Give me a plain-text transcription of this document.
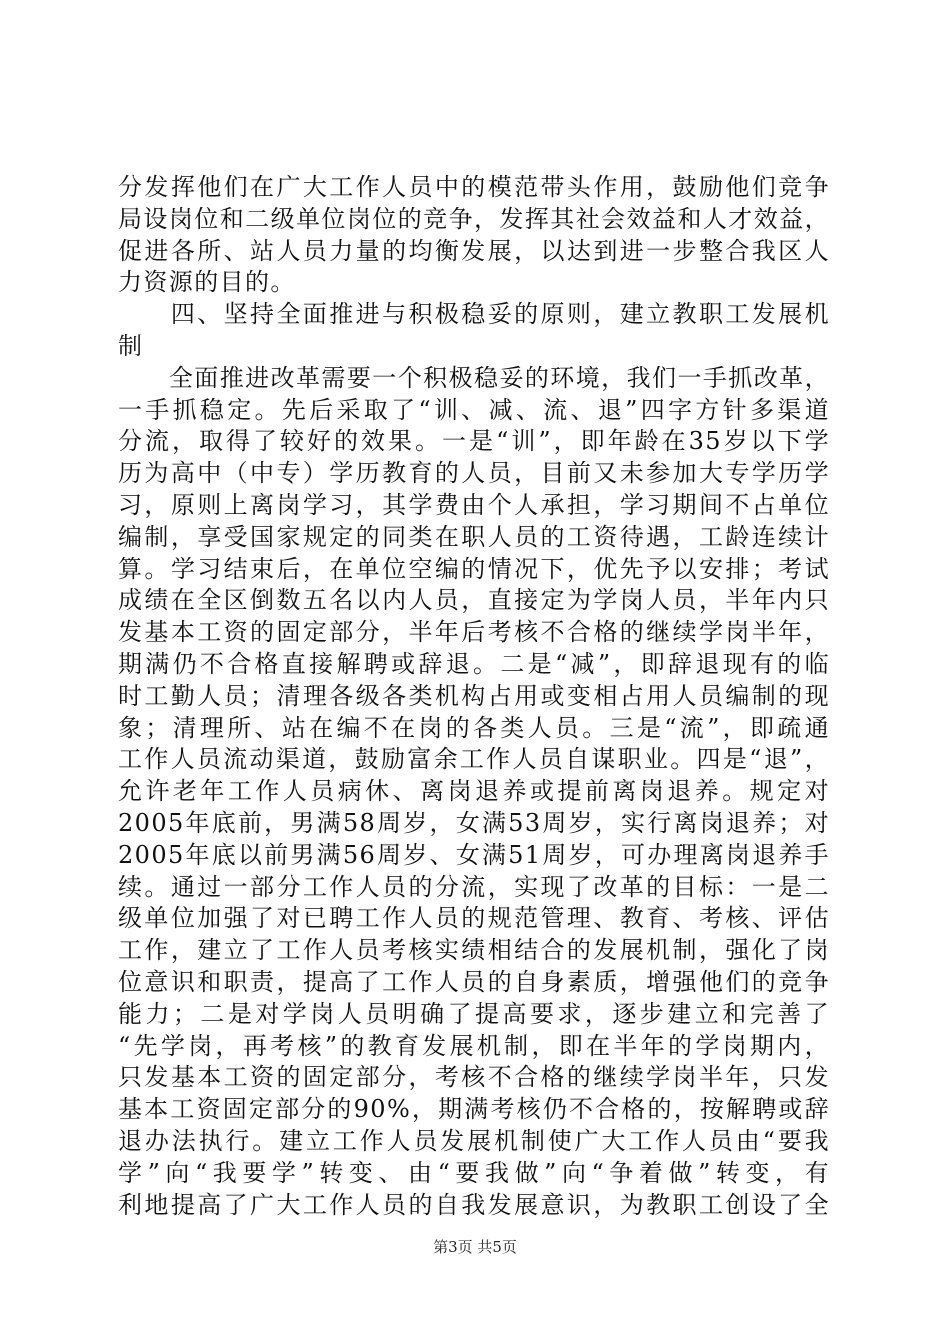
分发挥他们在广大工作人员中的模范带头作用，鼓励他们竞争
局设岗位和二级单位岗位的竞争，发挥其社会效益和人才效益，
促进各所、站人员力量的均衡发展，以达到进一步整合我区人
力资源的目的。
　　四、坚持全面推进与积极稳妥的原则，建立教职工发展机
制
　　全面推进改革需要一个积极稳妥的环境，我们一手抓改革，
一手抓稳定。先后采取了“训、减、流、退”四字方针多渠道
分流，取得了较好的效果。一是“训”，即年龄在35岁以下学
历为高中（中专）学历教育的人员，目前又未参加大专学历学
习，原则上离岗学习，其学费由个人承担，学习期间不占单位
编制，享受国家规定的同类在职人员的工资待遇，工龄连续计
算。学习结束后，在单位空编的情况下，优先予以安排；考试
成绩在全区倒数五名以内人员，直接定为学岗人员，半年内只
发基本工资的固定部分，半年后考核不合格的继续学岗半年，
期满仍不合格直接解聘或辞退。二是“减”，即辞退现有的临
时工勤人员；清理各级各类机构占用或变相占用人员编制的现
象；清理所、站在编不在岗的各类人员。三是“流”，即疏通
工作人员流动渠道，鼓励富余工作人员自谋职业。四是“退”，
允许老年工作人员病休、离岗退养或提前离岗退养。规定对
2005年底前，男满58周岁，女满53周岁，实行离岗退养；对
2005年底以前男满56周岁、女满51周岁，可办理离岗退养手
续。通过一部分工作人员的分流，实现了改革的目标：一是二
级单位加强了对已聘工作人员的规范管理、教育、考核、评估
工作，建立了工作人员考核实绩相结合的发展机制，强化了岗
位意识和职责，提高了工作人员的自身素质，增强他们的竞争
能力；二是对学岗人员明确了提高要求，逐步建立和完善了
“先学岗，再考核”的教育发展机制，即在半年的学岗期内，
只发基本工资的固定部分，考核不合格的继续学岗半年，只发
基本工资固定部分的90%，期满考核仍不合格的，按解聘或辞
退办法执行。建立工作人员发展机制使广大工作人员由“要我
学”向“我要学”转变、由“要我做”向“争着做”转变，有
利地提高了广大工作人员的自我发展意识，为教职工创设了全
第3页 共5页
